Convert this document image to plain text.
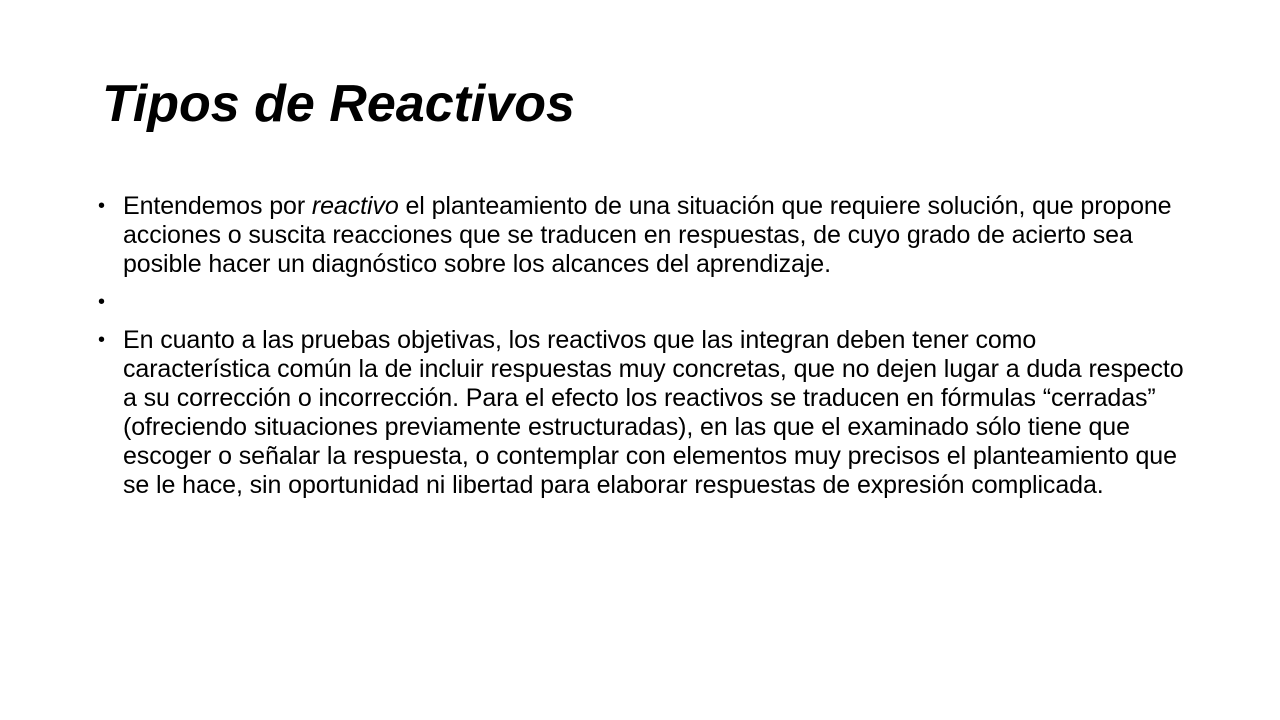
Tipos de Reactivos
• Entendemos por reactivo el planteamiento de una situación que requiere solución, que propone acciones o suscita reacciones que se traducen en respuestas, de cuyo grado de acierto sea posible hacer un diagnóstico sobre los alcances del aprendizaje.
•
• En cuanto a las pruebas objetivas, los reactivos que las integran deben tener como característica común la de incluir respuestas muy concretas, que no dejen lugar a duda respecto a su corrección o incorrección. Para el efecto los reactivos se traducen en fórmulas “cerradas” (ofreciendo situaciones previamente estructuradas), en las que el examinado sólo tiene que escoger o señalar la respuesta, o contemplar con elementos muy precisos el planteamiento que se le hace, sin oportunidad ni libertad para elaborar respuestas de expresión complicada.
